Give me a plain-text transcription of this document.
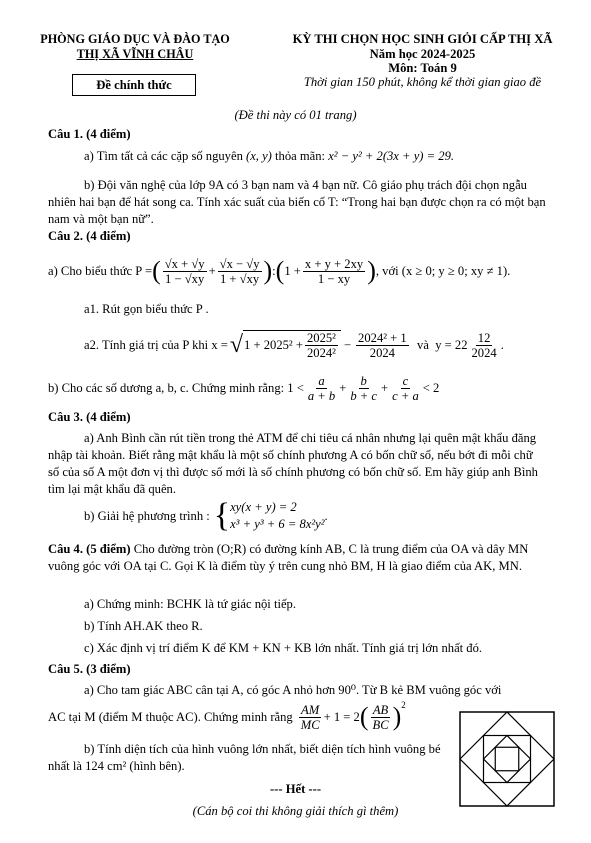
PHÒNG GIÁO DỤC VÀ ĐÀO TẠO
THỊ XÃ VĨNH CHÂU
Đề chính thức
KỲ THI CHỌN HỌC SINH GIỎI CẤP THỊ XÃ
Năm học 2024-2025
Môn: Toán 9
Thời gian 150 phút, không kể thời gian giao đề
(Đề thi này có 01 trang)
Câu 1. (4 điểm)
a) Tìm tất cả các cặp số nguyên (x, y) thỏa mãn: x² − y² + 2(3x + y) = 29.
b) Đội văn nghệ của lớp 9A có 3 bạn nam và 4 bạn nữ. Cô giáo phụ trách đội chọn ngẫu nhiên hai bạn để hát song ca. Tính xác suất của biến cố T: “Trong hai bạn được chọn ra có một bạn nam và một bạn nữ”.
Câu 2. (4 điểm)
a) Cho biểu thức P = ( $\frac{√x + √y}{1 - √xy} + \frac{√x - √y}{1 + √xy}$ ) : ( $1 + \frac{x + y + 2xy}{1 - xy}$ ) , với (x ≥ 0; y ≥ 0; xy ≠ 1).
a1. Rút gọn biểu thức P .
a2. Tính giá trị của P khi x = √ $1 + 2025^2 + \frac{\text{2025²}}{\text{2024²}} - \frac{\text{2024² + 1}}{2024}$ và  $y = 22 \frac{12}{2024}$ .
b) Cho các số dương a, b, c. Chứng minh rằng: $1 < \frac{a}{a + b} + \frac{b}{b + c} + \frac{c}{c + a} < 2$
Câu 3. (4 điểm)
a) Anh Bình cần rút tiền trong thẻ ATM để chi tiêu cá nhân nhưng lại quên mật khẩu đăng nhập tài khoản. Biết rằng mật khẩu là một số chính phương A có bốn chữ số, nếu bớt đi mỗi chữ số của số A một đơn vị thì được số mới là số chính phương có bốn chữ số. Em hãy giúp anh Bình tìm lại mật khẩu đã quên.
b) Giải hệ phương trình : { xy(x + y) = 2
x³ + y³ + 6 = 8x²y²
.
Câu 4. (5 điểm) Cho đường tròn (O;R) có đường kính AB, C là trung điểm của OA và dây MN vuông góc với OA tại C. Gọi K là điểm tùy ý trên cung nhỏ BM, H là giao điểm của AK, MN.
a) Chứng minh: BCHK là tứ giác nội tiếp.
b) Tính AH.AK theo R.
c) Xác định vị trí điểm K để KM + KN + KB lớn nhất. Tính giá trị lớn nhất đó.
Câu 5. (3 điểm)
a) Cho tam giác ABC cân tại A, có góc A nhỏ hơn 90⁰. Từ B kẻ BM vuông góc với
AC tại M (điểm M thuộc AC). Chứng minh rằng $\frac{AM}{MC} + 1 = 2$ ( $\frac{AB}{BC}$ ) 2
b) Tính diện tích của hình vuông lớn nhất, biết diện tích hình vuông bé nhất là 124 cm² (hình bên).
--- Hết ---
(Cán bộ coi thi không giải thích gì thêm)
